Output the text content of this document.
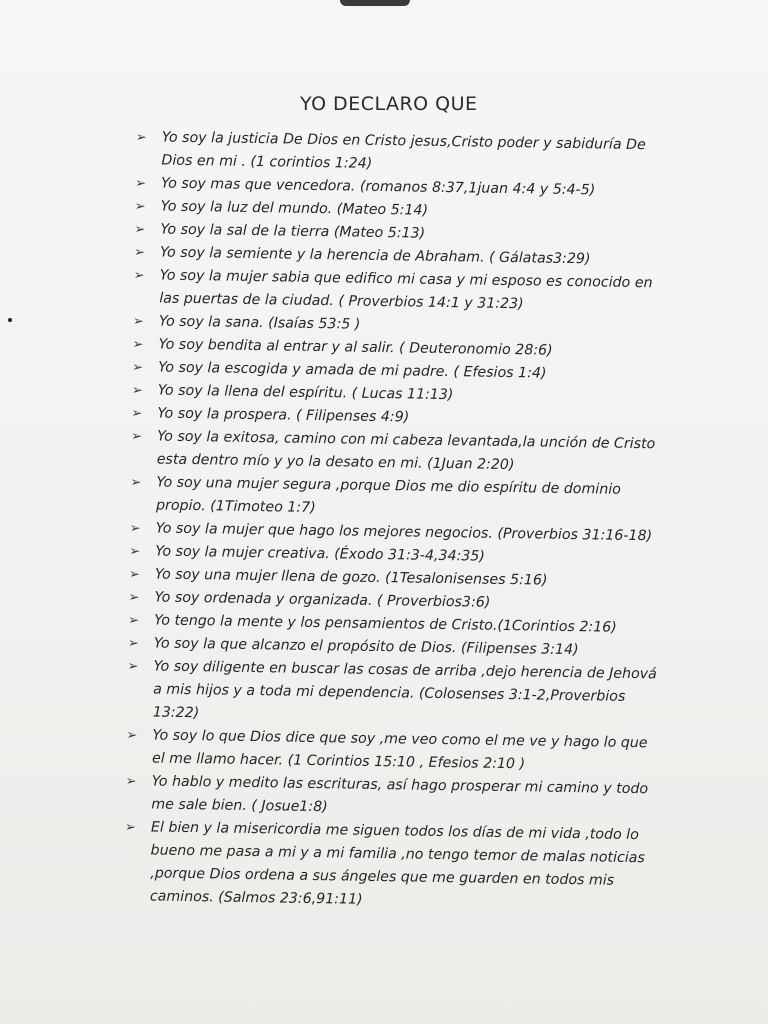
YO DECLARO QUE
➢ Yo soy la justicia De Dios en Cristo jesus,Cristo poder y sabiduría De Dios en mi . (1 corintios 1:24)
➢ Yo soy mas que vencedora. (romanos 8:37,1juan 4:4 y 5:4-5)
➢ Yo soy la luz del mundo. (Mateo 5:14)
➢ Yo soy la sal de la tierra (Mateo 5:13)
➢ Yo soy la semiente y la herencia de Abraham. ( Gálatas3:29)
➢ Yo soy la mujer sabia que edifico mi casa y mi esposo es conocido en las puertas de la ciudad. ( Proverbios 14:1 y 31:23)
➢ Yo soy la sana. (Isaías 53:5 )
➢ Yo soy bendita al entrar y al salir. ( Deuteronomio 28:6)
➢ Yo soy la escogida y amada de mi padre. ( Efesios 1:4)
➢ Yo soy la llena del espíritu. ( Lucas 11:13)
➢ Yo soy la prospera. ( Filipenses 4:9)
➢ Yo soy la exitosa, camino con mi cabeza levantada,la unción de Cristo esta dentro mío y yo la desato en mi. (1Juan 2:20)
➢ Yo soy una mujer segura ,porque Dios me dio espíritu de dominio propio. (1Timoteo 1:7)
➢ Yo soy la mujer que hago los mejores negocios. (Proverbios 31:16-18)
➢ Yo soy la mujer creativa. (Éxodo 31:3-4,34:35)
➢ Yo soy una mujer llena de gozo. (1Tesalonisenses 5:16)
➢ Yo soy ordenada y organizada. ( Proverbios3:6)
➢ Yo tengo la mente y los pensamientos de Cristo.(1Corintios 2:16)
➢ Yo soy la que alcanzo el propósito de Dios. (Filipenses 3:14)
➢ Yo soy diligente en buscar las cosas de arriba ,dejo herencia de Jehová a mis hijos y a toda mi dependencia. (Colosenses 3:1-2,Proverbios 13:22)
➢ Yo soy lo que Dios dice que soy ,me veo como el me ve y hago lo que el me llamo hacer. (1 Corintios 15:10 , Efesios 2:10 )
➢ Yo hablo y medito las escrituras, así hago prosperar mi camino y todo me sale bien. ( Josue1:8)
➢ El bien y la misericordia me siguen todos los días de mi vida ,todo lo bueno me pasa a mi y a mi familia ,no tengo temor de malas noticias ,porque Dios ordena a sus ángeles que me guarden en todos mis caminos. (Salmos 23:6,91:11)
